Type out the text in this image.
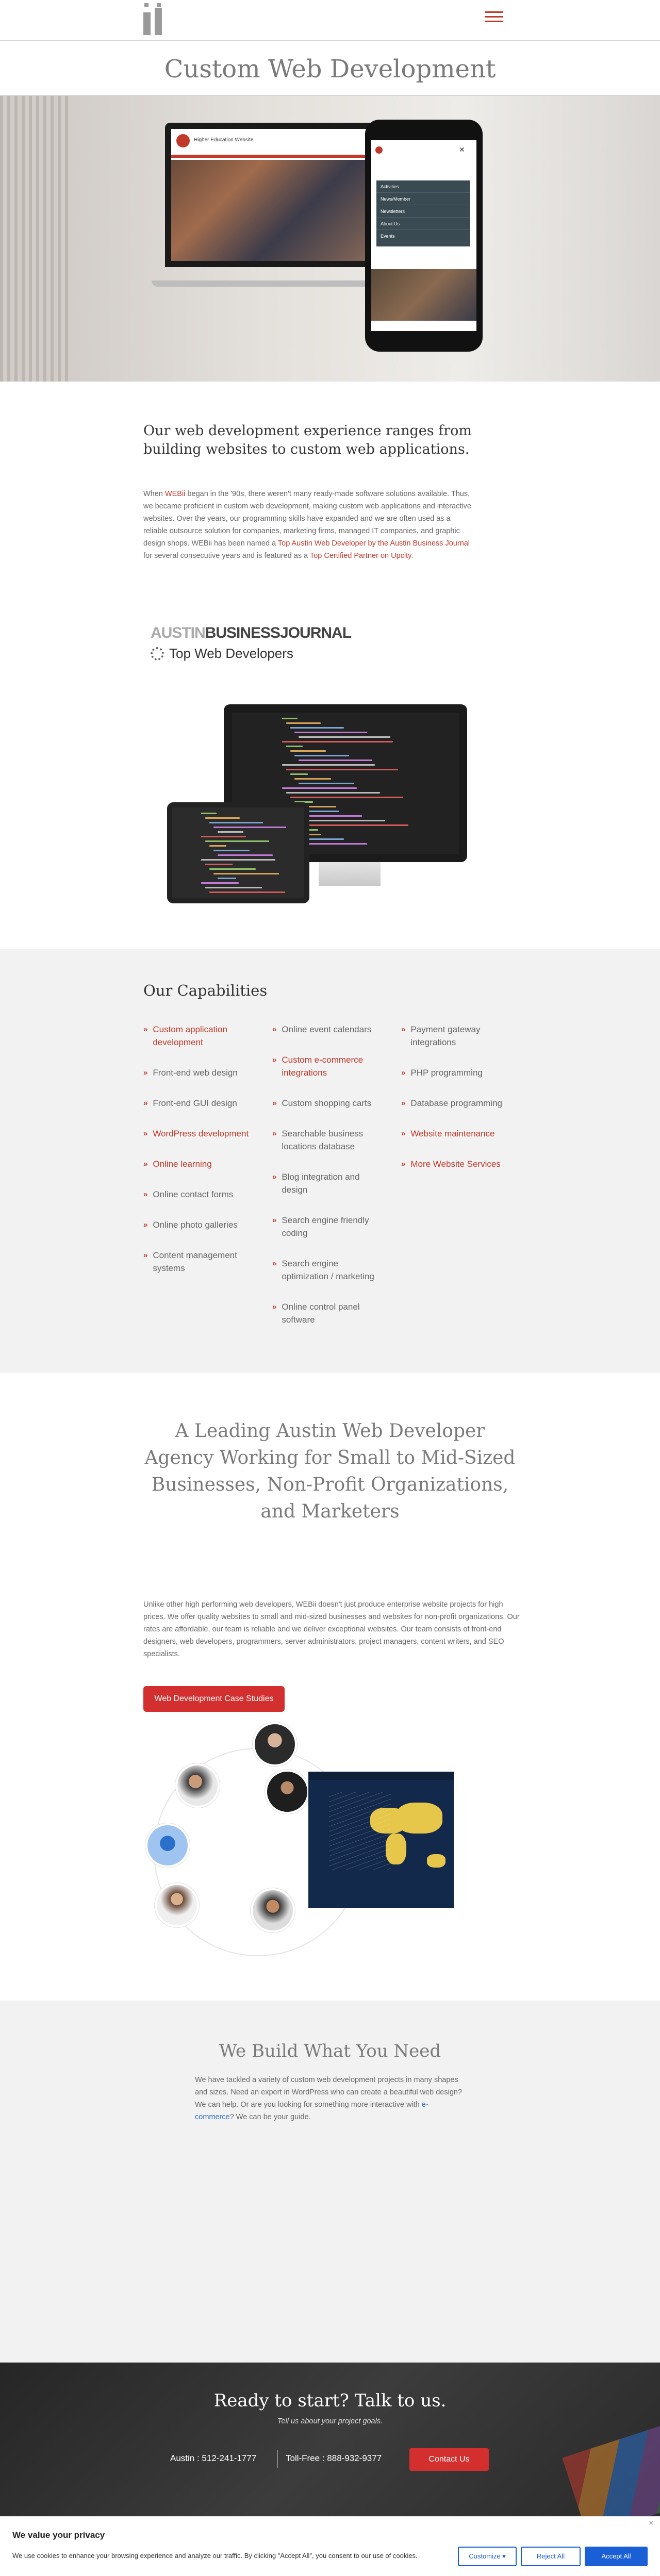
Custom Web Development
Higher Education Website
✕
Activities
News/Member
Newsletters
About Us
Events
Our web development experience ranges from building websites to custom web applications.

When WEBii began in the '90s, there weren't many ready-made software solutions available. Thus, we became proficient in custom web development, making custom web applications and interactive websites. Over the years, our programming skills have expanded and we are often used as a reliable outsource solution for companies, marketing firms, managed IT companies, and graphic design shops. WEBii has been named a Top Austin Web Developer by the Austin Business Journal for several consecutive years and is featured as a Top Certified Partner on Upcity.

AUSTINBUSINESSJOURNAL
Top Web Developers
Our Capabilities
» Custom application development
» Front-end web design
» Front-end GUI design
» WordPress development
» Online learning
» Online contact forms
» Online photo galleries
» Content management systems
» Online event calendars
» Custom e-commerce integrations
» Custom shopping carts
» Searchable business locations database
» Blog integration and design
» Search engine friendly coding
» Search engine optimization / marketing
» Online control panel software
» Payment gateway integrations
» PHP programming
» Database programming
» Website maintenance
» More Website Services
A Leading Austin Web Developer Agency Working for Small to Mid-Sized Businesses, Non-Profit Organizations, and Marketers

Unlike other high performing web developers, WEBii doesn't just produce enterprise website projects for high prices. We offer quality websites to small and mid-sized businesses and websites for non-profit organizations. Our rates are affordable, our team is reliable and we deliver exceptional websites. Our team consists of front-end designers, web developers, programmers, server administrators, project managers, content writers, and SEO specialists.

Web Development Case Studies
We Build What You Need

We have tackled a variety of custom web development projects in many shapes and sizes. Need an expert in WordPress who can create a beautiful web design? We can help. Or are you looking for something more interactive with e-commerce? We can be your guide.

Ready to start? Talk to us.
Tell us about your project goals.
Austin : 512-241-1777	Toll-Free : 888-932-9377	Contact Us
×
We value your privacy

We use cookies to enhance your browsing experience and analyze our traffic. By clicking "Accept All", you consent to our use of cookies.	Customize ▾	Reject All	Accept All
